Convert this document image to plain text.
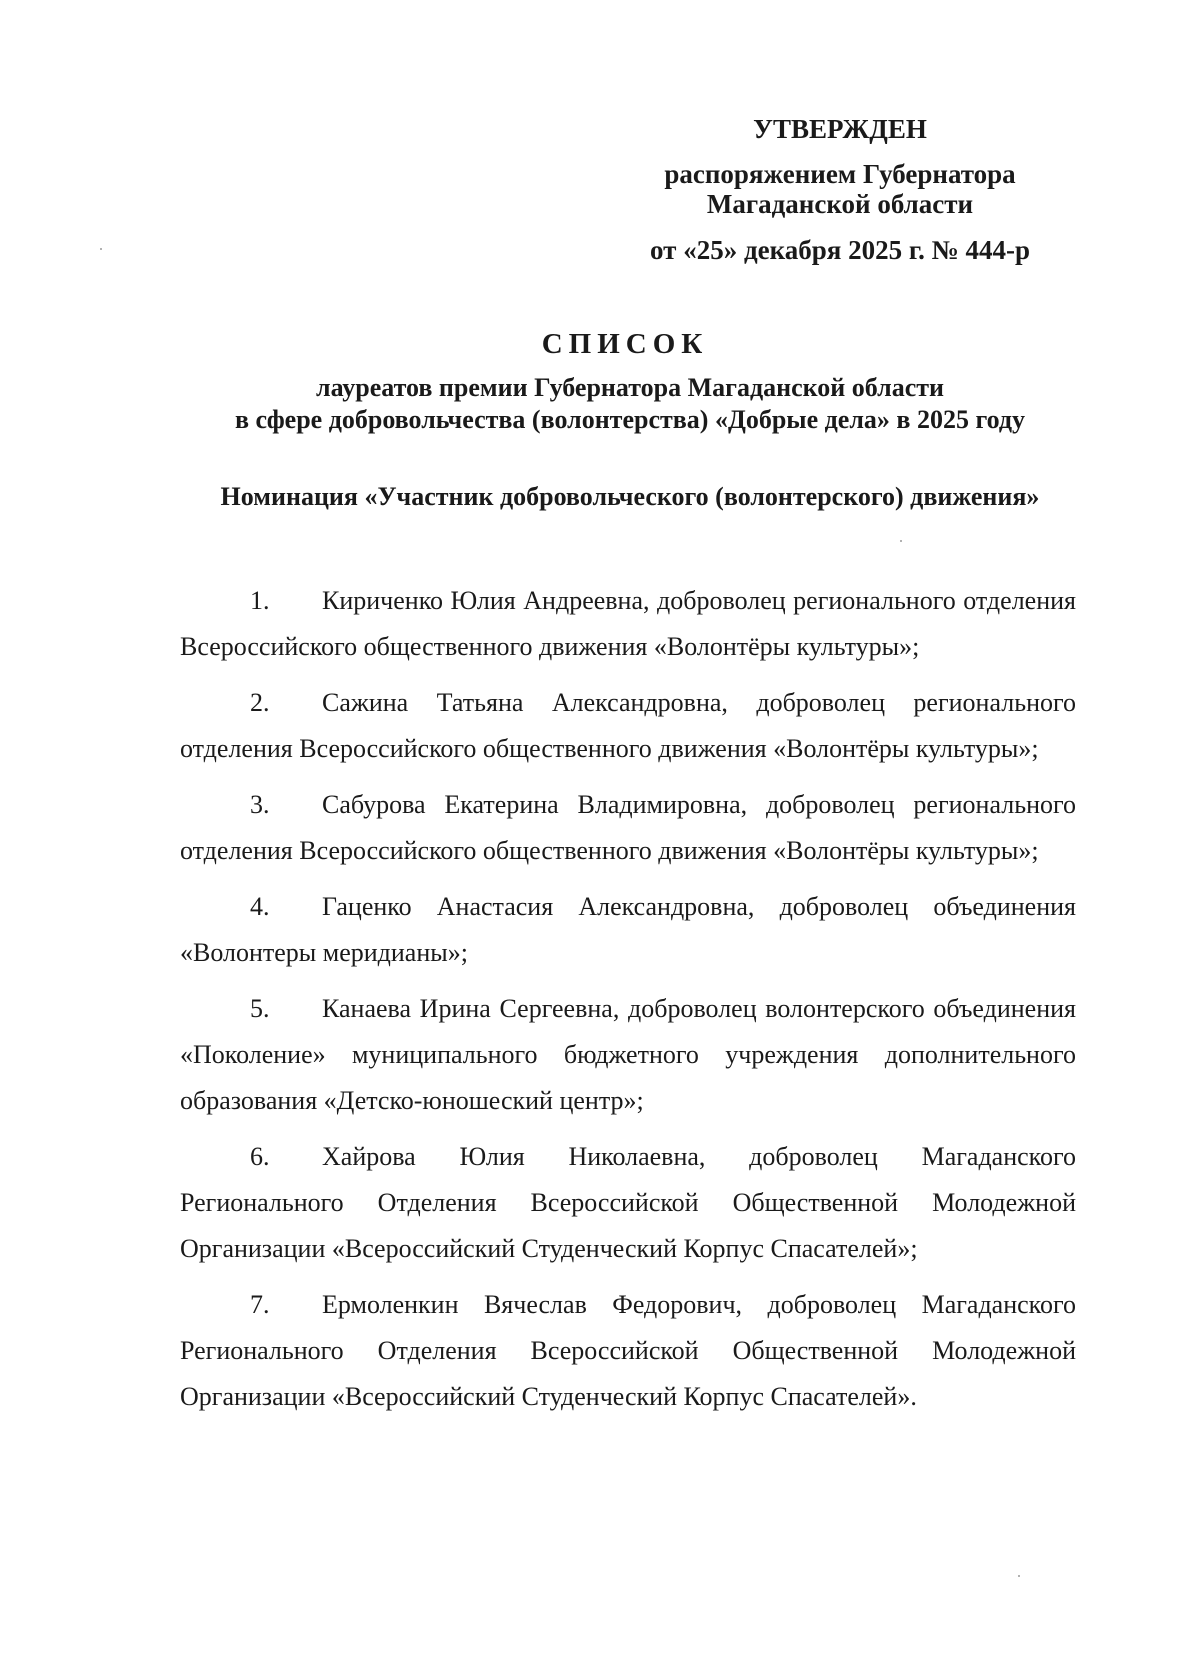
УТВЕРЖДЕН
распоряжением Губернатора
Магаданской области
от «25» декабря 2025 г. № 444-р
СПИСОК
лауреатов премии Губернатора Магаданской области
в сфере добровольчества (волонтерства) «Добрые дела» в 2025 году
Номинация «Участник добровольческого (волонтерского) движения»
1. Кириченко Юлия Андреевна, доброволец регионального отделения Всероссийского общественного движения «Волонтёры культуры»;
2. Сажина Татьяна Александровна, доброволец регионального отделения Всероссийского общественного движения «Волонтёры культуры»;
3. Сабурова Екатерина Владимировна, доброволец регионального отделения Всероссийского общественного движения «Волонтёры культуры»;
4. Гаценко Анастасия Александровна, доброволец объединения «Волонтеры меридианы»;
5. Канаева Ирина Сергеевна, доброволец волонтерского объединения «Поколение» муниципального бюджетного учреждения дополнительного образования «Детско-юношеский центр»;
6. Хайрова Юлия Николаевна, доброволец Магаданского Регионального Отделения Всероссийской Общественной Молодежной Организации «Всероссийский Студенческий Корпус Спасателей»;
7. Ермоленкин Вячеслав Федорович, доброволец Магаданского Регионального Отделения Всероссийской Общественной Молодежной Организации «Всероссийский Студенческий Корпус Спасателей».
